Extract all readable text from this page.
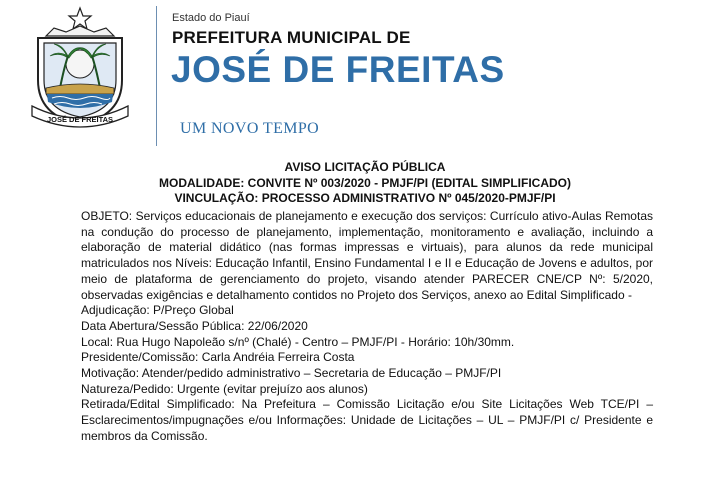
JOSÉ DE FREITAS
Estado do Piauí
PREFEITURA MUNICIPAL DE
JOSÉ DE FREITAS
UM NOVO TEMPO
AVISO LICITAÇÃO PÚBLICA
MODALIDADE: CONVITE Nº 003/2020 - PMJF/PI (EDITAL SIMPLIFICADO)
VINCULAÇÃO: PROCESSO ADMINISTRATIVO Nº 045/2020-PMJF/PI

OBJETO: Serviços educacionais de planejamento e execução dos serviços: Currículo ativo-Aulas Remotas na condução do processo de planejamento, implementação, monitoramento e avaliação, incluindo a elaboração de material didático (nas formas impressas e virtuais), para alunos da rede municipal matriculados nos Níveis: Educação Infantil, Ensino Fundamental I e II e Educação de Jovens e adultos, por meio de plataforma de gerenciamento do projeto, visando atender PARECER CNE/CP Nº: 5/2020, observadas exigências e detalhamento contidos no Projeto dos Serviços, anexo ao Edital Simplificado -

Adjudicação: P/Preço Global

Data Abertura/Sessão Pública: 22/06/2020

Local: Rua Hugo Napoleão s/nº (Chalé) - Centro – PMJF/PI - Horário: 10h/30mm.

Presidente/Comissão: Carla Andréia Ferreira Costa

Motivação: Atender/pedido administrativo – Secretaria de Educação – PMJF/PI

Natureza/Pedido: Urgente (evitar prejuízo aos alunos)

Retirada/Edital Simplificado: Na Prefeitura – Comissão Licitação e/ou Site Licitações Web TCE/PI – Esclarecimentos/impugnações e/ou Informações: Unidade de Licitações – UL – PMJF/PI c/ Presidente e membros da Comissão.
